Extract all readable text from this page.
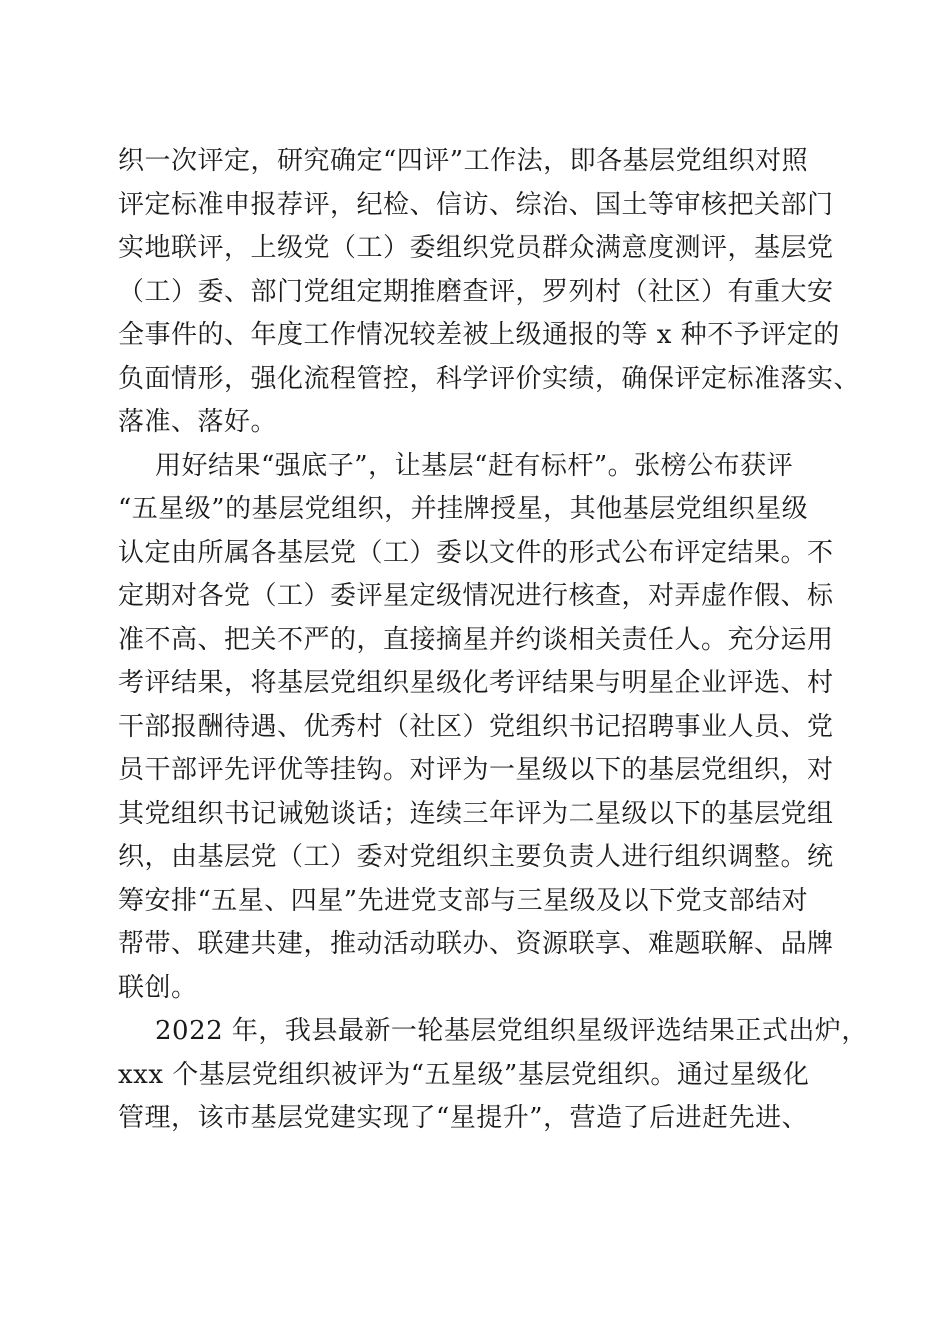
织一次评定，研究确定“四评”工作法，即各基层党组织对照
评定标准申报荐评，纪检、信访、综治、国土等审核把关部门
实地联评，上级党（工）委组织党员群众满意度测评，基层党
（工）委、部门党组定期推磨查评，罗列村（社区）有重大安
全事件的、年度工作情况较差被上级通报的等 x 种不予评定的
负面情形，强化流程管控，科学评价实绩，确保评定标准落实、
落准、落好。
用好结果“强底子”，让基层“赶有标杆”。张榜公布获评
“五星级”的基层党组织，并挂牌授星，其他基层党组织星级
认定由所属各基层党（工）委以文件的形式公布评定结果。不
定期对各党（工）委评星定级情况进行核查，对弄虚作假、标
准不高、把关不严的，直接摘星并约谈相关责任人。充分运用
考评结果，将基层党组织星级化考评结果与明星企业评选、村
干部报酬待遇、优秀村（社区）党组织书记招聘事业人员、党
员干部评先评优等挂钩。对评为一星级以下的基层党组织，对
其党组织书记诫勉谈话；连续三年评为二星级以下的基层党组
织，由基层党（工）委对党组织主要负责人进行组织调整。统
筹安排“五星、四星”先进党支部与三星级及以下党支部结对
帮带、联建共建，推动活动联办、资源联享、难题联解、品牌
联创。
2022 年，我县最新一轮基层党组织星级评选结果正式出炉，
xxx 个基层党组织被评为“五星级”基层党组织。通过星级化
管理，该市基层党建实现了“星提升”，营造了后进赶先进、
